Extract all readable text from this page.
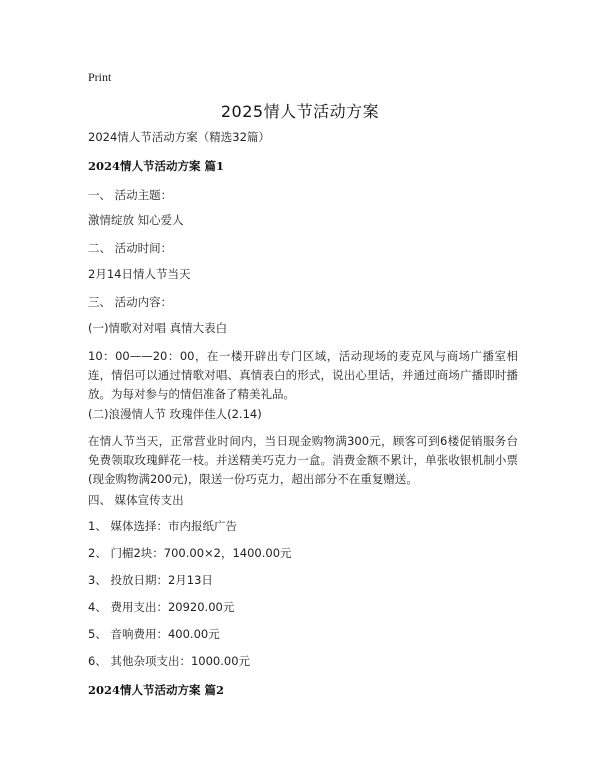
Print
2025情人节活动方案
2024情人节活动方案（精选32篇）
2024情人节活动方案 篇1
一、 活动主题：
激情绽放 知心爱人
二、 活动时间：
2月14日情人节当天
三、 活动内容：
(一)情歌对对唱 真情大表白

10：00——20：00，在一楼开辟出专门区域，活动现场的麦克风与商场广播室相连，情侣可以通过情歌对唱、真情表白的形式，说出心里话，并通过商场广播即时播放。为每对参与的情侣准备了精美礼品。

(二)浪漫情人节 玫瑰伴佳人(2.14)

在情人节当天，正常营业时间内，当日现金购物满300元，顾客可到6楼促销服务台免费领取玫瑰鲜花一枝。并送精美巧克力一盒。消费金额不累计，单张收银机制小票(现金购物满200元)，限送一份巧克力，超出部分不在重复赠送。

四、 媒体宣传支出
1、 媒体选择：市内报纸广告
2、 门楣2块：700.00×2，1400.00元
3、 投放日期：2月13日
4、 费用支出：20920.00元
5、 音响费用：400.00元
6、 其他杂项支出：1000.00元
2024情人节活动方案 篇2
